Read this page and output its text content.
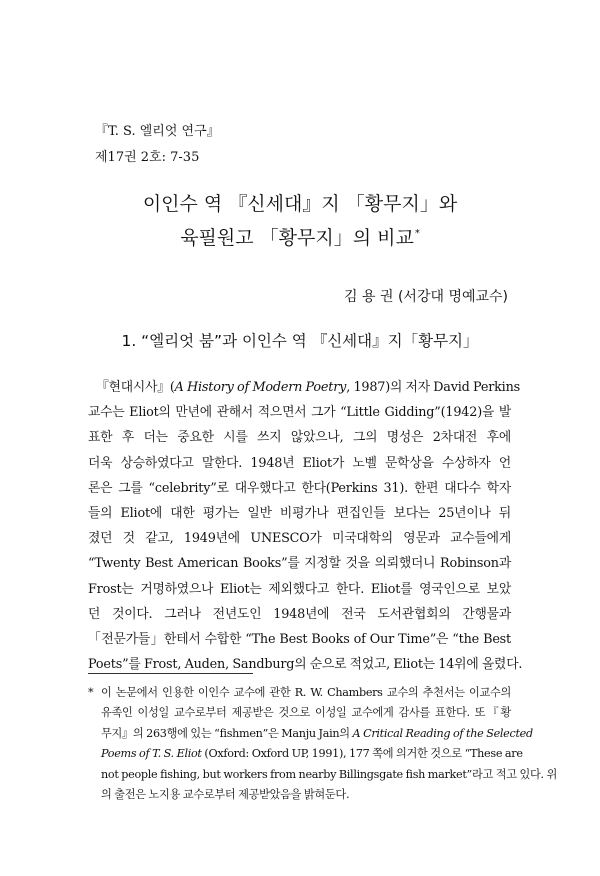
『T. S. 엘리엇 연구』
제17권 2호: 7-35
이인수 역 『신세대』지 「황무지」와
육필원고 「황무지」의 비교*
김 용 권 (서강대 명예교수)
1. “엘리엇 붐”과 이인수 역 『신세대』지「황무지」
『현대시사』(A History of Modern Poetry, 1987)의 저자 David Perkins
교수는 Eliot의 만년에 관해서 적으면서 그가 “Little Gidding”(1942)을 발
표한 후 더는 중요한 시를 쓰지 않았으나, 그의 명성은 2차대전 후에
더욱 상승하였다고 말한다. 1948년 Eliot가 노벨 문학상을 수상하자 언
론은 그를 “celebrity”로 대우했다고 한다(Perkins 31). 한편 대다수 학자
들의 Eliot에 대한 평가는 일반 비평가나 편집인들 보다는 25년이나 뒤
졌던 것 같고, 1949년에 UNESCO가 미국대학의 영문과 교수들에게
“Twenty Best American Books”를 지정할 것을 의뢰했더니 Robinson과
Frost는 거명하였으나 Eliot는 제외했다고 한다. Eliot를 영국인으로 보았
던 것이다. 그러나 전년도인 1948년에 전국 도서관협회의 간행물과
「전문가들」한테서 수합한 “The Best Books of Our Time”은 “the Best
Poets”를 Frost, Auden, Sandburg의 순으로 적었고, Eliot는 14위에 올렸다.
* 이 논문에서 인용한 이인수 교수에 관한 R. W. Chambers 교수의 추천서는 이교수의
유족인 이성일 교수로부터 제공받은 것으로 이성일 교수에게 감사를 표한다. 또『황
무지』의 263행에 있는 “fishmen”은 Manju Jain의 A Critical Reading of the Selected
Poems of T. S. Eliot (Oxford: Oxford UP, 1991), 177 쪽에 의거한 것으로 “These are
not people fishing, but workers from nearby Billingsgate fish market”라고 적고 있다. 위
의 출전은 노지용 교수로부터 제공받았음을 밝혀둔다.
